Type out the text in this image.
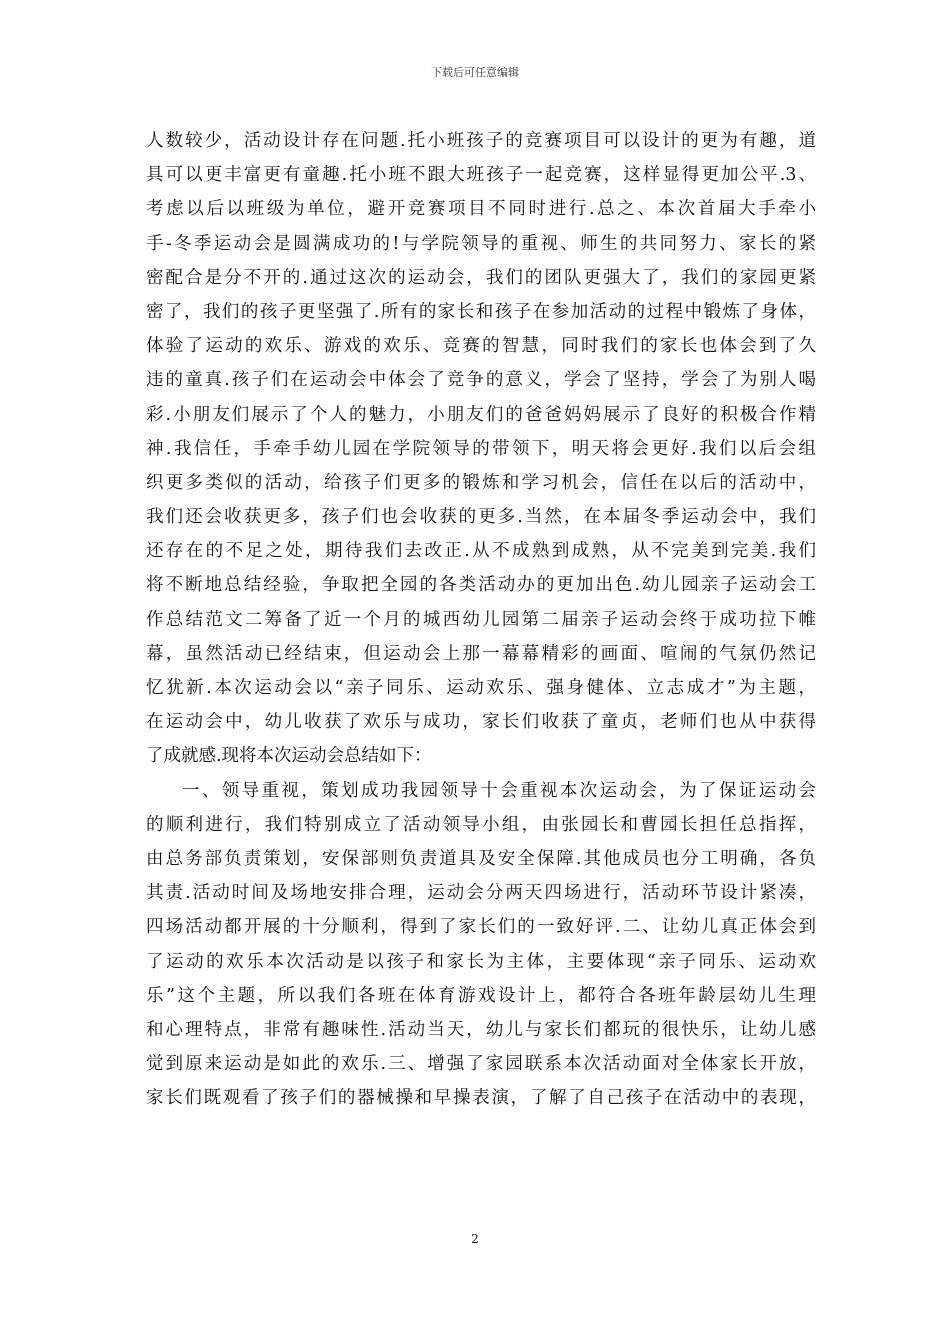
下载后可任意编辑
人数较少，活动设计存在问题.托小班孩子的竞赛项目可以设计的更为有趣，道
具可以更丰富更有童趣.托小班不跟大班孩子一起竞赛，这样显得更加公平.3、
考虑以后以班级为单位，避开竞赛项目不同时进行.总之、本次首届大手牵小
手-冬季运动会是圆满成功的!与学院领导的重视、师生的共同努力、家长的紧
密配合是分不开的.通过这次的运动会，我们的团队更强大了，我们的家园更紧
密了，我们的孩子更坚强了.所有的家长和孩子在参加活动的过程中锻炼了身体，
体验了运动的欢乐、游戏的欢乐、竞赛的智慧，同时我们的家长也体会到了久
违的童真.孩子们在运动会中体会了竞争的意义，学会了坚持，学会了为别人喝
彩.小朋友们展示了个人的魅力，小朋友们的爸爸妈妈展示了良好的积极合作精
神.我信任，手牵手幼儿园在学院领导的带领下，明天将会更好.我们以后会组
织更多类似的活动，给孩子们更多的锻炼和学习机会，信任在以后的活动中，
我们还会收获更多，孩子们也会收获的更多.当然，在本届冬季运动会中，我们
还存在的不足之处，期待我们去改正.从不成熟到成熟，从不完美到完美.我们
将不断地总结经验，争取把全园的各类活动办的更加出色.幼儿园亲子运动会工
作总结范文二筹备了近一个月的城西幼儿园第二届亲子运动会终于成功拉下帷
幕，虽然活动已经结束，但运动会上那一幕幕精彩的画面、喧闹的气氛仍然记
忆犹新.本次运动会以“亲子同乐、运动欢乐、强身健体、立志成才”为主题，
在运动会中，幼儿收获了欢乐与成功，家长们收获了童贞，老师们也从中获得
了成就感.现将本次运动会总结如下：
一、领导重视，策划成功我园领导十会重视本次运动会，为了保证运动会
的顺利进行，我们特别成立了活动领导小组，由张园长和曹园长担任总指挥，
由总务部负责策划，安保部则负责道具及安全保障.其他成员也分工明确，各负
其责.活动时间及场地安排合理，运动会分两天四场进行，活动环节设计紧凑，
四场活动都开展的十分顺利，得到了家长们的一致好评.二、让幼儿真正体会到
了运动的欢乐本次活动是以孩子和家长为主体，主要体现“亲子同乐、运动欢
乐”这个主题，所以我们各班在体育游戏设计上，都符合各班年龄层幼儿生理
和心理特点，非常有趣味性.活动当天，幼儿与家长们都玩的很快乐，让幼儿感
觉到原来运动是如此的欢乐.三、增强了家园联系本次活动面对全体家长开放，
家长们既观看了孩子们的器械操和早操表演，了解了自己孩子在活动中的表现，
2
